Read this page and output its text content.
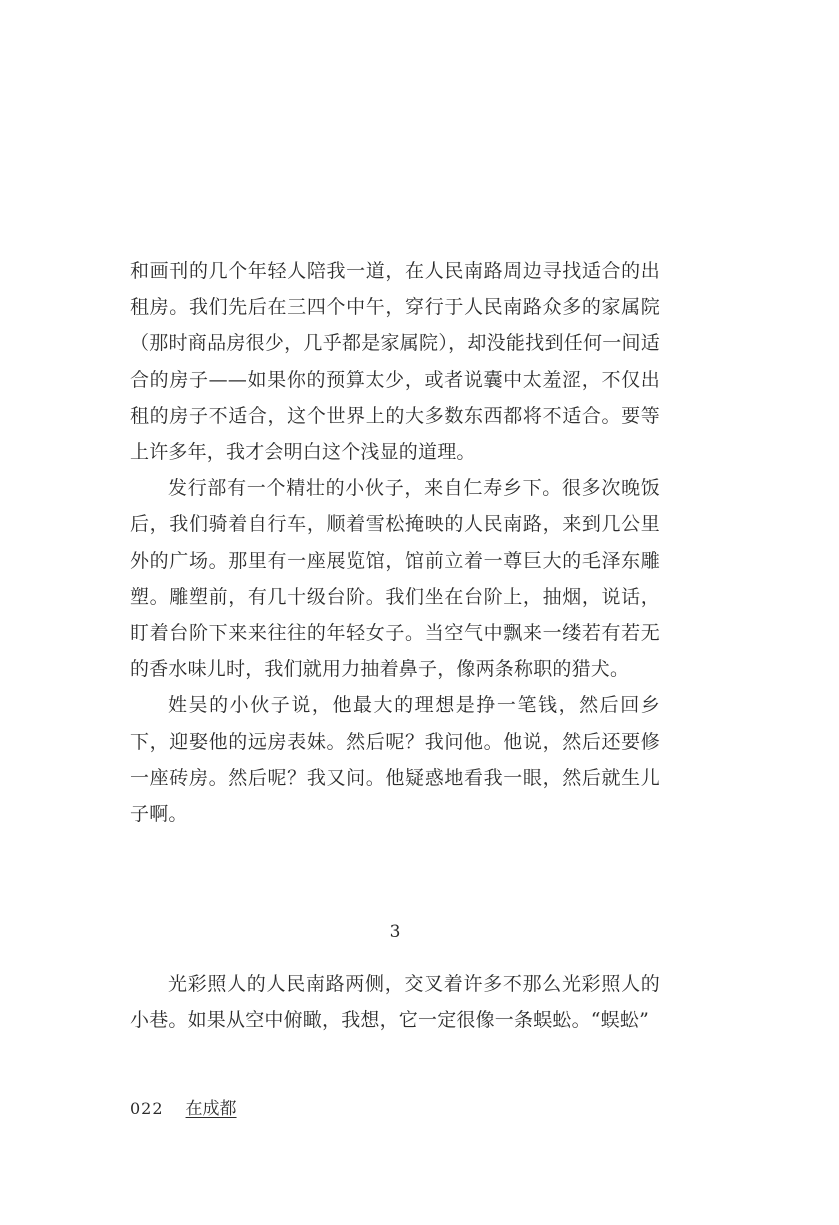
和画刊的几个年轻人陪我一道，在人民南路周边寻找适合的出租房。我们先后在三四个中午，穿行于人民南路众多的家属院（那时商品房很少，几乎都是家属院），却没能找到任何一间适合的房子——如果你的预算太少，或者说囊中太羞涩，不仅出租的房子不适合，这个世界上的大多数东西都将不适合。要等上许多年，我才会明白这个浅显的道理。

发行部有一个精壮的小伙子，来自仁寿乡下。很多次晚饭后，我们骑着自行车，顺着雪松掩映的人民南路，来到几公里外的广场。那里有一座展览馆，馆前立着一尊巨大的毛泽东雕塑。雕塑前，有几十级台阶。我们坐在台阶上，抽烟，说话，盯着台阶下来来往往的年轻女子。当空气中飘来一缕若有若无的香水味儿时，我们就用力抽着鼻子，像两条称职的猎犬。

姓吴的小伙子说，他最大的理想是挣一笔钱，然后回乡下，迎娶他的远房表妹。然后呢？我问他。他说，然后还要修一座砖房。然后呢？我又问。他疑惑地看我一眼，然后就生儿子啊。

3

光彩照人的人民南路两侧，交叉着许多不那么光彩照人的小巷。如果从空中俯瞰，我想，它一定很像一条蜈蚣。“蜈蚣”

022 在成都
